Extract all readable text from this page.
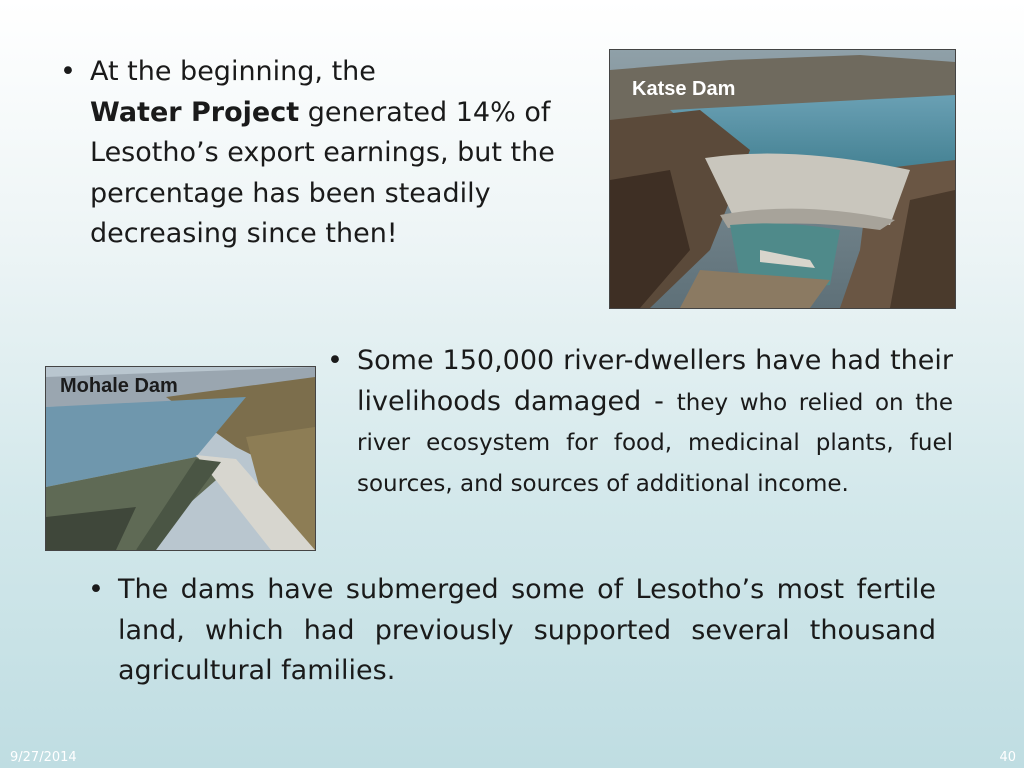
• At the beginning, the
Water Project generated 14% of Lesotho’s export earnings, but the percentage has been steadily decreasing since then!
Katse Dam
Mohale Dam
• Some 150,000 river-dwellers have had their livelihoods damaged - they who relied on the river ecosystem for food, medicinal plants, fuel sources, and sources of additional income.
• The dams have submerged some of Lesotho’s most fertile land, which had previously supported several thousand agricultural families.
9/27/2014	40
